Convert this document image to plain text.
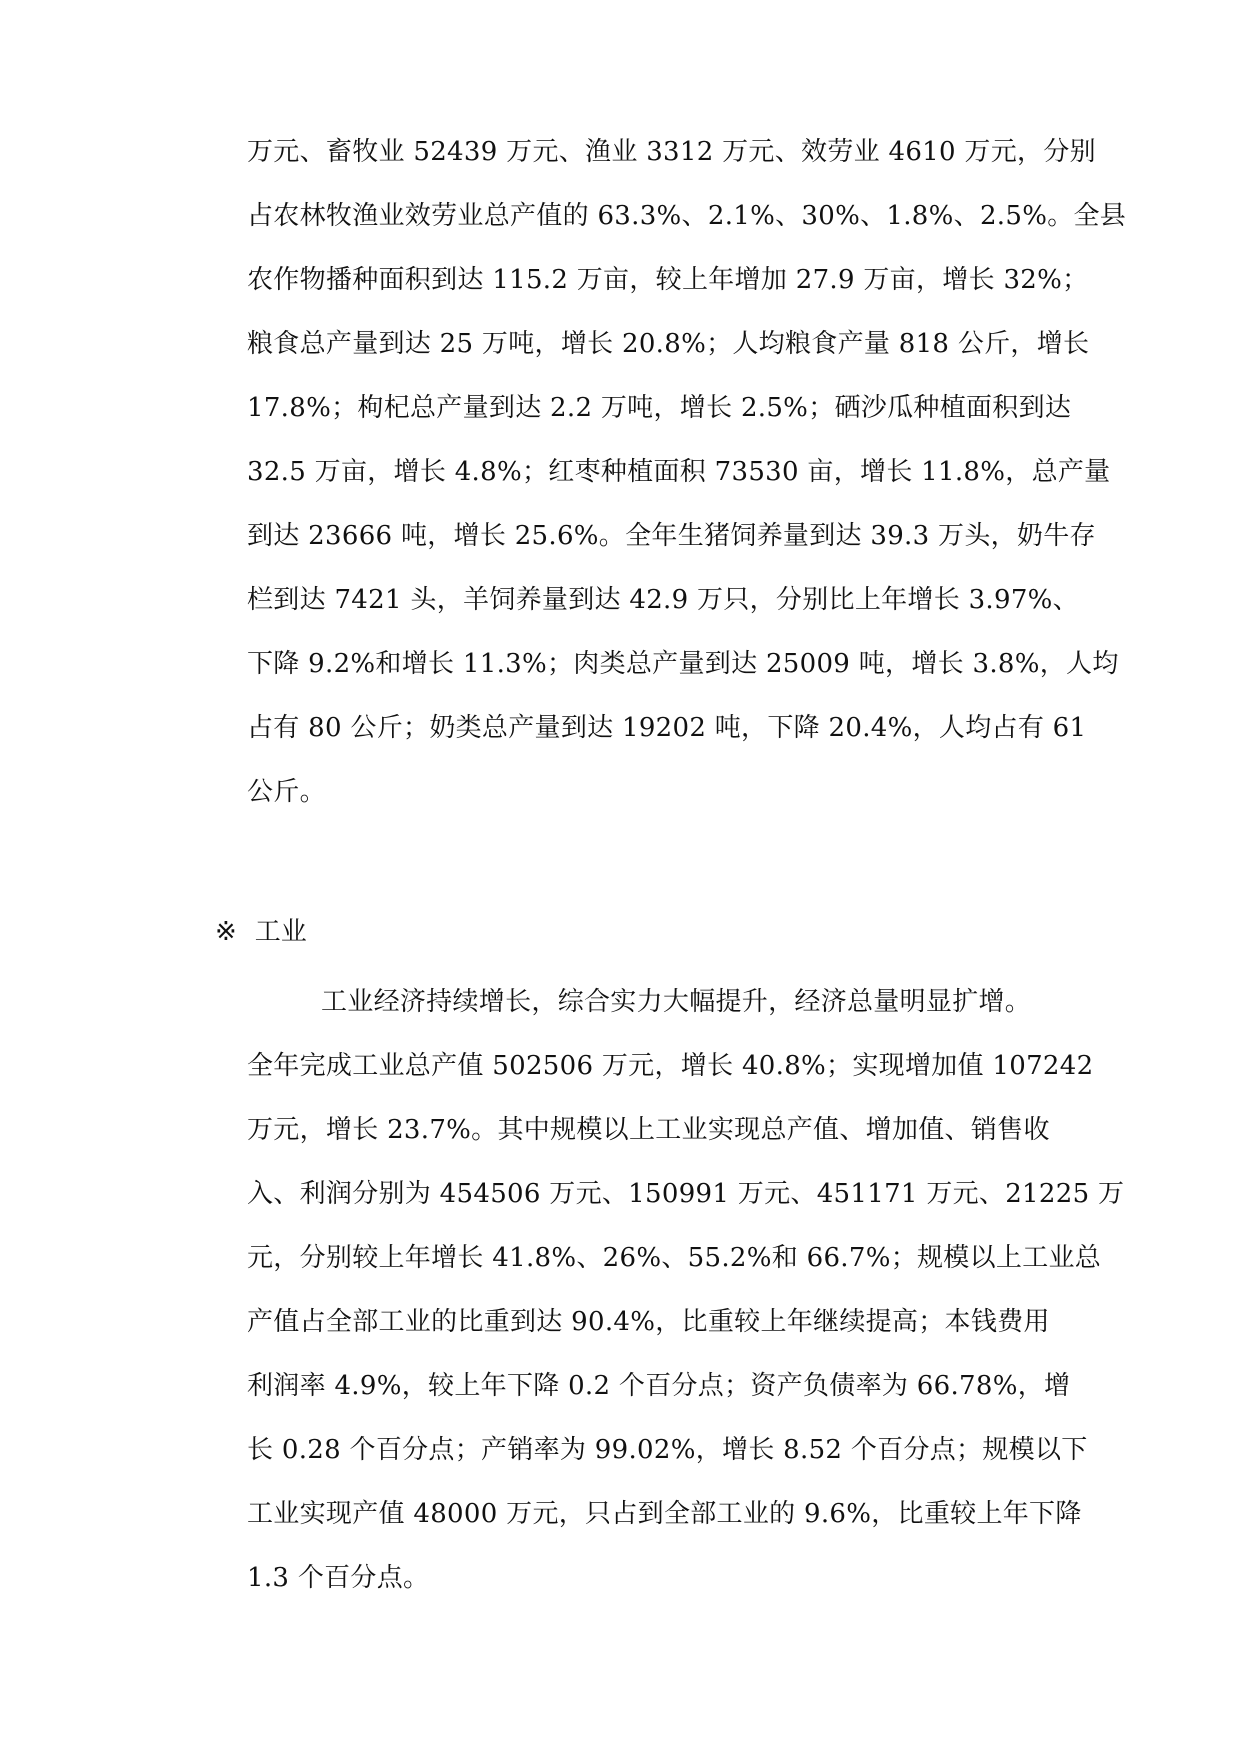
万元、畜牧业 52439 万元、渔业 3312 万元、效劳业 4610 万元，分别
占农林牧渔业效劳业总产值的 63.3%、2.1%、30%、1.8%、2.5%。全县
农作物播种面积到达 115.2 万亩，较上年增加 27.9 万亩，增长 32%；
粮食总产量到达 25 万吨，增长 20.8%；人均粮食产量 818 公斤，增长
17.8%；枸杞总产量到达 2.2 万吨，增长 2.5%；硒沙瓜种植面积到达
32.5 万亩，增长 4.8%；红枣种植面积 73530 亩，增长 11.8%，总产量
到达 23666 吨，增长 25.6%。全年生猪饲养量到达 39.3 万头，奶牛存
栏到达 7421 头，羊饲养量到达 42.9 万只，分别比上年增长 3.97%、
下降 9.2%和增长 11.3%；肉类总产量到达 25009 吨，增长 3.8%，人均
占有 80 公斤；奶类总产量到达 19202 吨，下降 20.4%，人均占有 61
公斤。
※ 工业
工业经济持续增长，综合实力大幅提升，经济总量明显扩增。
全年完成工业总产值 502506 万元，增长 40.8%；实现增加值 107242
万元，增长 23.7%。其中规模以上工业实现总产值、增加值、销售收
入、利润分别为 454506 万元、150991 万元、451171 万元、21225 万
元，分别较上年增长 41.8%、26%、55.2%和 66.7%；规模以上工业总
产值占全部工业的比重到达 90.4%，比重较上年继续提高；本钱费用
利润率 4.9%，较上年下降 0.2 个百分点；资产负债率为 66.78%，增
长 0.28 个百分点；产销率为 99.02%，增长 8.52 个百分点；规模以下
工业实现产值 48000 万元，只占到全部工业的 9.6%，比重较上年下降
1.3 个百分点。
